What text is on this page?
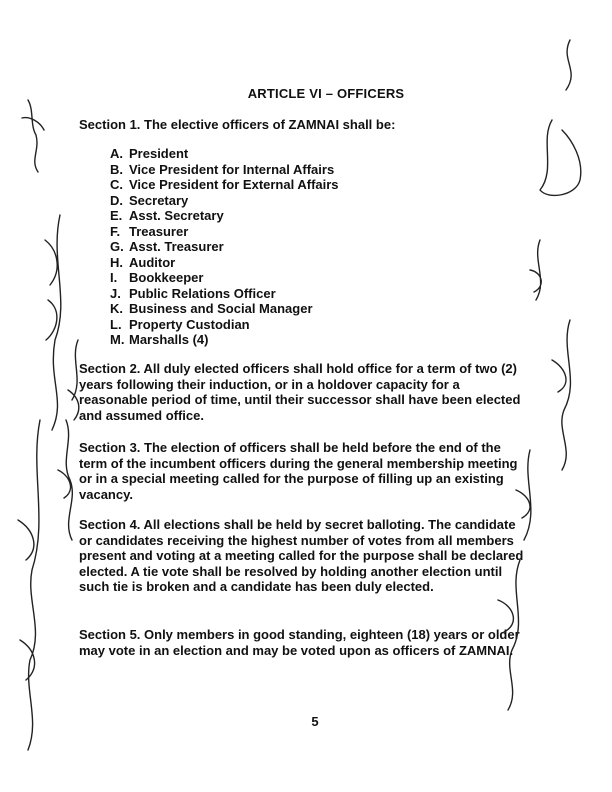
ARTICLE VI – OFFICERS
Section 1. The elective officers of ZAMNAI shall be:
A. President
B. Vice President for Internal Affairs
C. Vice President for External Affairs
D. Secretary
E. Asst. Secretary
F. Treasurer
G. Asst. Treasurer
H. Auditor
I. Bookkeeper
J. Public Relations Officer
K. Business and Social Manager
L. Property Custodian
M. Marshalls (4)

Section 2. All duly elected officers shall hold office for a term of two (2) years following their induction, or in a holdover capacity for a reasonable period of time, until their successor shall have been elected and assumed office.

Section 3. The election of officers shall be held before the end of the term of the incumbent officers during the general membership meeting or in a special meeting called for the purpose of filling up an existing vacancy.

Section 4. All elections shall be held by secret balloting. The candidate or candidates receiving the highest number of votes from all members present and voting at a meeting called for the purpose shall be declared elected. A tie vote shall be resolved by holding another election until such tie is broken and a candidate has been duly elected.

Section 5. Only members in good standing, eighteen (18) years or older may vote in an election and may be voted upon as officers of ZAMNAI.

5
